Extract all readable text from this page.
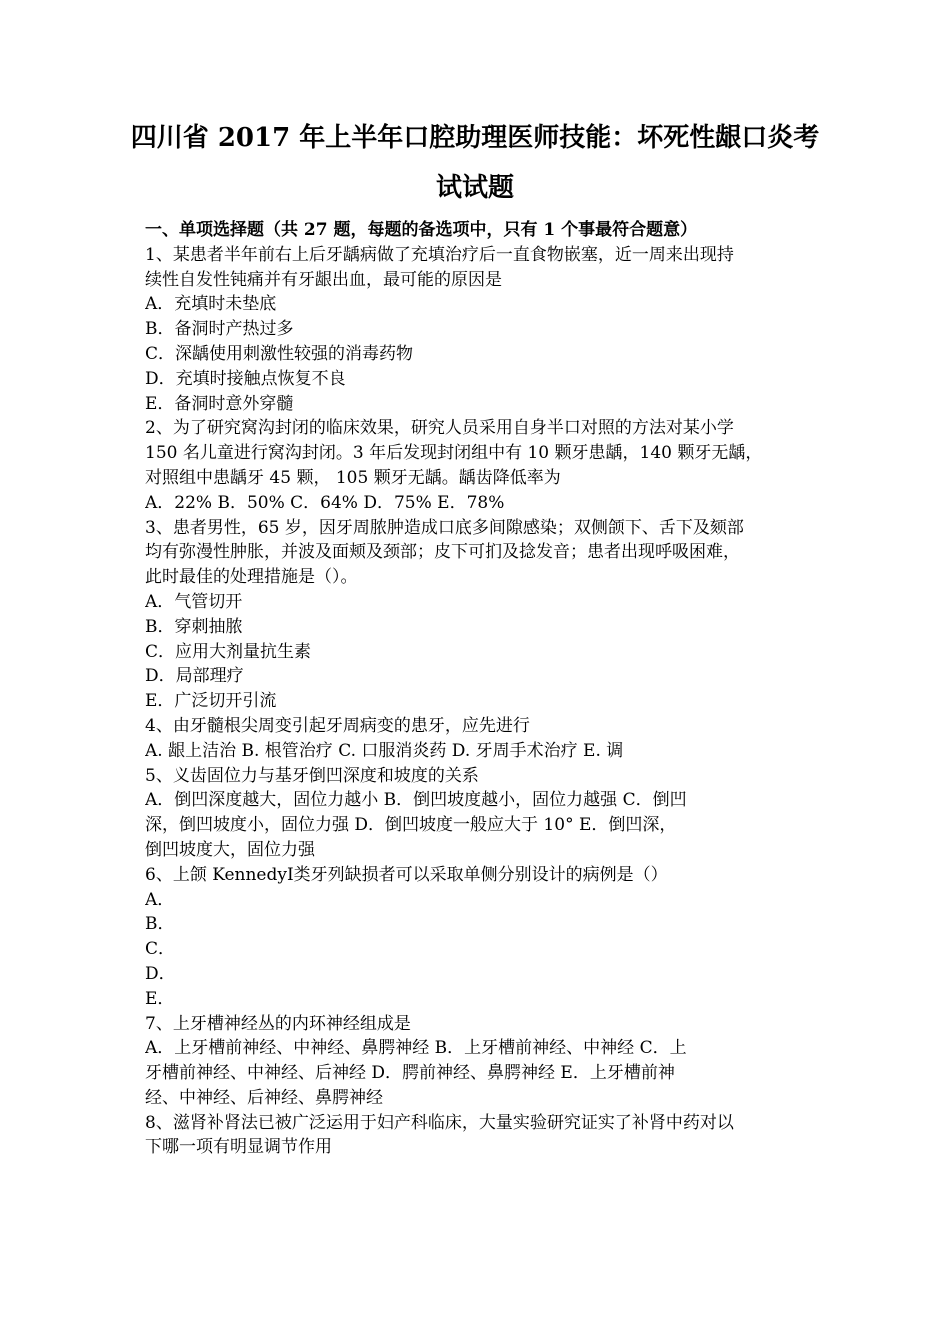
四川省 2017 年上半年口腔助理医师技能：坏死性龈口炎考
试试题
一、单项选择题（共 27 题，每题的备选项中，只有 1 个事最符合题意）
1、某患者半年前右上后牙龋病做了充填治疗后一直食物嵌塞，近一周来出现持
续性自发性钝痛并有牙龈出血，最可能的原因是
A．充填时未垫底
B．备洞时产热过多
C．深龋使用刺激性较强的消毒药物
D．充填时接触点恢复不良
E．备洞时意外穿髓
2、为了研究窝沟封闭的临床效果，研究人员采用自身半口对照的方法对某小学
150 名儿童进行窝沟封闭。3 年后发现封闭组中有 10 颗牙患龋，140 颗牙无龋，
对照组中患龋牙 45 颗， 105 颗牙无龋。龋齿降低率为
A．22% B．50% C．64% D．75% E．78%
3、患者男性，65 岁，因牙周脓肿造成口底多间隙感染；双侧颌下、舌下及颏部
均有弥漫性肿胀，并波及面颊及颈部；皮下可扪及捻发音；患者出现呼吸困难，
此时最佳的处理措施是（）。
A．气管切开
B．穿刺抽脓
C．应用大剂量抗生素
D．局部理疗
E．广泛切开引流
4、由牙髓根尖周变引起牙周病变的患牙，应先进行
A. 龈上洁治 B. 根管治疗 C. 口服消炎药 D. 牙周手术治疗 E. 调
5、义齿固位力与基牙倒凹深度和坡度的关系
A．倒凹深度越大，固位力越小 B．倒凹坡度越小，固位力越强 C．倒凹
深，倒凹坡度小，固位力强 D．倒凹坡度一般应大于 10° E．倒凹深，
倒凹坡度大，固位力强
6、上颌 KennedyⅠ类牙列缺损者可以采取单侧分别设计的病例是（）
A．
B．
C．
D．
E．
7、上牙槽神经丛的内环神经组成是
A．上牙槽前神经、中神经、鼻腭神经 B．上牙槽前神经、中神经 C．上
牙槽前神经、中神经、后神经 D．腭前神经、鼻腭神经 E．上牙槽前神
经、中神经、后神经、鼻腭神经
8、滋肾补肾法已被广泛运用于妇产科临床，大量实验研究证实了补肾中药对以
下哪一项有明显调节作用
